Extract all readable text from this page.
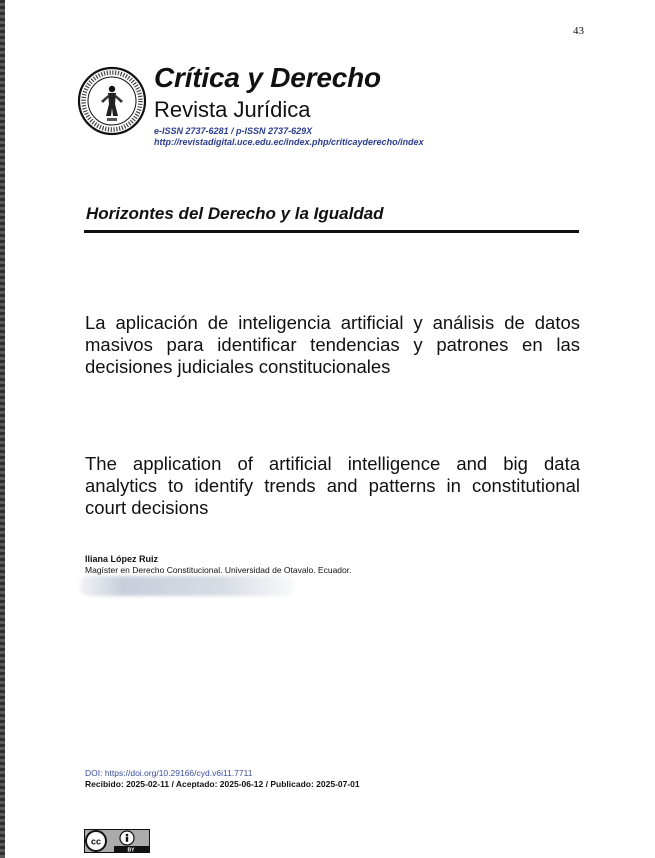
43
Crítica y Derecho
Revista Jurídica
e-ISSN 2737-6281 / p-ISSN 2737-629X
http://revistadigital.uce.edu.ec/index.php/criticayderecho/index
Horizontes del Derecho y la Igualdad
La aplicación de inteligencia artificial y análisis de datos masivos para identificar tendencias y patrones en las decisiones judiciales constitucionales
The application of artificial intelligence and big data analytics to identify trends and patterns in constitutional court decisions
Iliana López Ruiz
Magíster en Derecho Constitucional. Universidad de Otavalo. Ecuador.
DOI: https://doi.org/10.29166/cyd.v6i11.7711
Recibido: 2025-02-11 / Aceptado: 2025-06-12 / Publicado: 2025-07-01
cc
BY
